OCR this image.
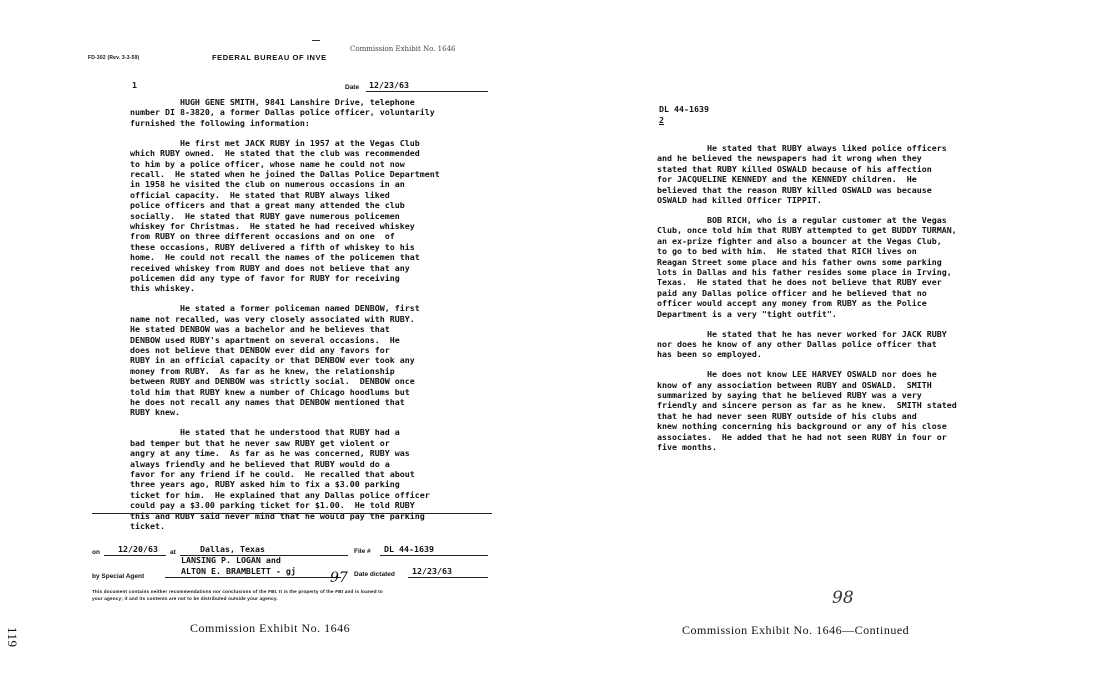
FD-302 (Rev. 3-3-59)	FEDERAL BUREAU OF INVE
Commission Exhibit No. 1646
1	Date 12/23/63
HUGH GENE SMITH, 9841 Lanshire Drive, telephone
number DI 8-3820, a former Dallas police officer, voluntarily
furnished the following information:
He first met JACK RUBY in 1957 at the Vegas Club
which RUBY owned.  He stated that the club was recommended
to him by a police officer, whose name he could not now
recall.  He stated when he joined the Dallas Police Department
in 1958 he visited the club on numerous occasions in an
official capacity.  He stated that RUBY always liked
police officers and that a great many attended the club
socially.  He stated that RUBY gave numerous policemen
whiskey for Christmas.  He stated he had received whiskey
from RUBY on three different occasions and on one  of
these occasions, RUBY delivered a fifth of whiskey to his
home.  He could not recall the names of the policemen that
received whiskey from RUBY and does not believe that any
policemen did any type of favor for RUBY for receiving
this whiskey.
He stated a former policeman named DENBOW, first
name not recalled, was very closely associated with RUBY.
He stated DENBOW was a bachelor and he believes that
DENBOW used RUBY's apartment on several occasions.  He
does not believe that DENBOW ever did any favors for
RUBY in an official capacity or that DENBOW ever took any
money from RUBY.  As far as he knew, the relationship
between RUBY and DENBOW was strictly social.  DENBOW once
told him that RUBY knew a number of Chicago hoodlums but
he does not recall any names that DENBOW mentioned that
RUBY knew.
He stated that he understood that RUBY had a
bad temper but that he never saw RUBY get violent or
angry at any time.  As far as he was concerned, RUBY was
always friendly and he believed that RUBY would do a
favor for any friend if he could.  He recalled that about
three years ago, RUBY asked him to fix a $3.00 parking
ticket for him.  He explained that any Dallas police officer
could pay a $3.00 parking ticket for $1.00.  He told RUBY
this and RUBY said never mind that he would pay the parking
ticket.
on 12/20/63 at	Dallas, Texas	File # DL 44-1639
LANSING P. LOGAN and
by Special Agent
ALTON E. BRAMBLETT - gj 97 Date dictated 12/23/63
This document contains neither recommendations nor conclusions of the FBI. It is the property of the FBI and is loaned to
your agency; it and its contents are not to be distributed outside your agency.
Commission Exhibit No. 1646
119
DL 44-1639
2
He stated that RUBY always liked police officers
and he believed the newspapers had it wrong when they
stated that RUBY killed OSWALD because of his affection
for JACQUELINE KENNEDY and the KENNEDY children.  He
believed that the reason RUBY killed OSWALD was because
OSWALD had killed Officer TIPPIT.
BOB RICH, who is a regular customer at the Vegas
Club, once told him that RUBY attempted to get BUDDY TURMAN,
an ex-prize fighter and also a bouncer at the Vegas Club,
to go to bed with him.  He stated that RICH lives on
Reagan Street some place and his father owns some parking
lots in Dallas and his father resides some place in Irving,
Texas.  He stated that he does not believe that RUBY ever
paid any Dallas police officer and he believed that no
officer would accept any money from RUBY as the Police
Department is a very "tight outfit".
He stated that he has never worked for JACK RUBY
nor does he know of any other Dallas police officer that
has been so employed.
He does not know LEE HARVEY OSWALD nor does he
know of any association between RUBY and OSWALD.  SMITH
summarized by saying that he believed RUBY was a very
friendly and sincere person as far as he knew.  SMITH stated
that he had never seen RUBY outside of his clubs and
knew nothing concerning his background or any of his close
associates.  He added that he had not seen RUBY in four or
five months.
98
Commission Exhibit No. 1646—Continued
